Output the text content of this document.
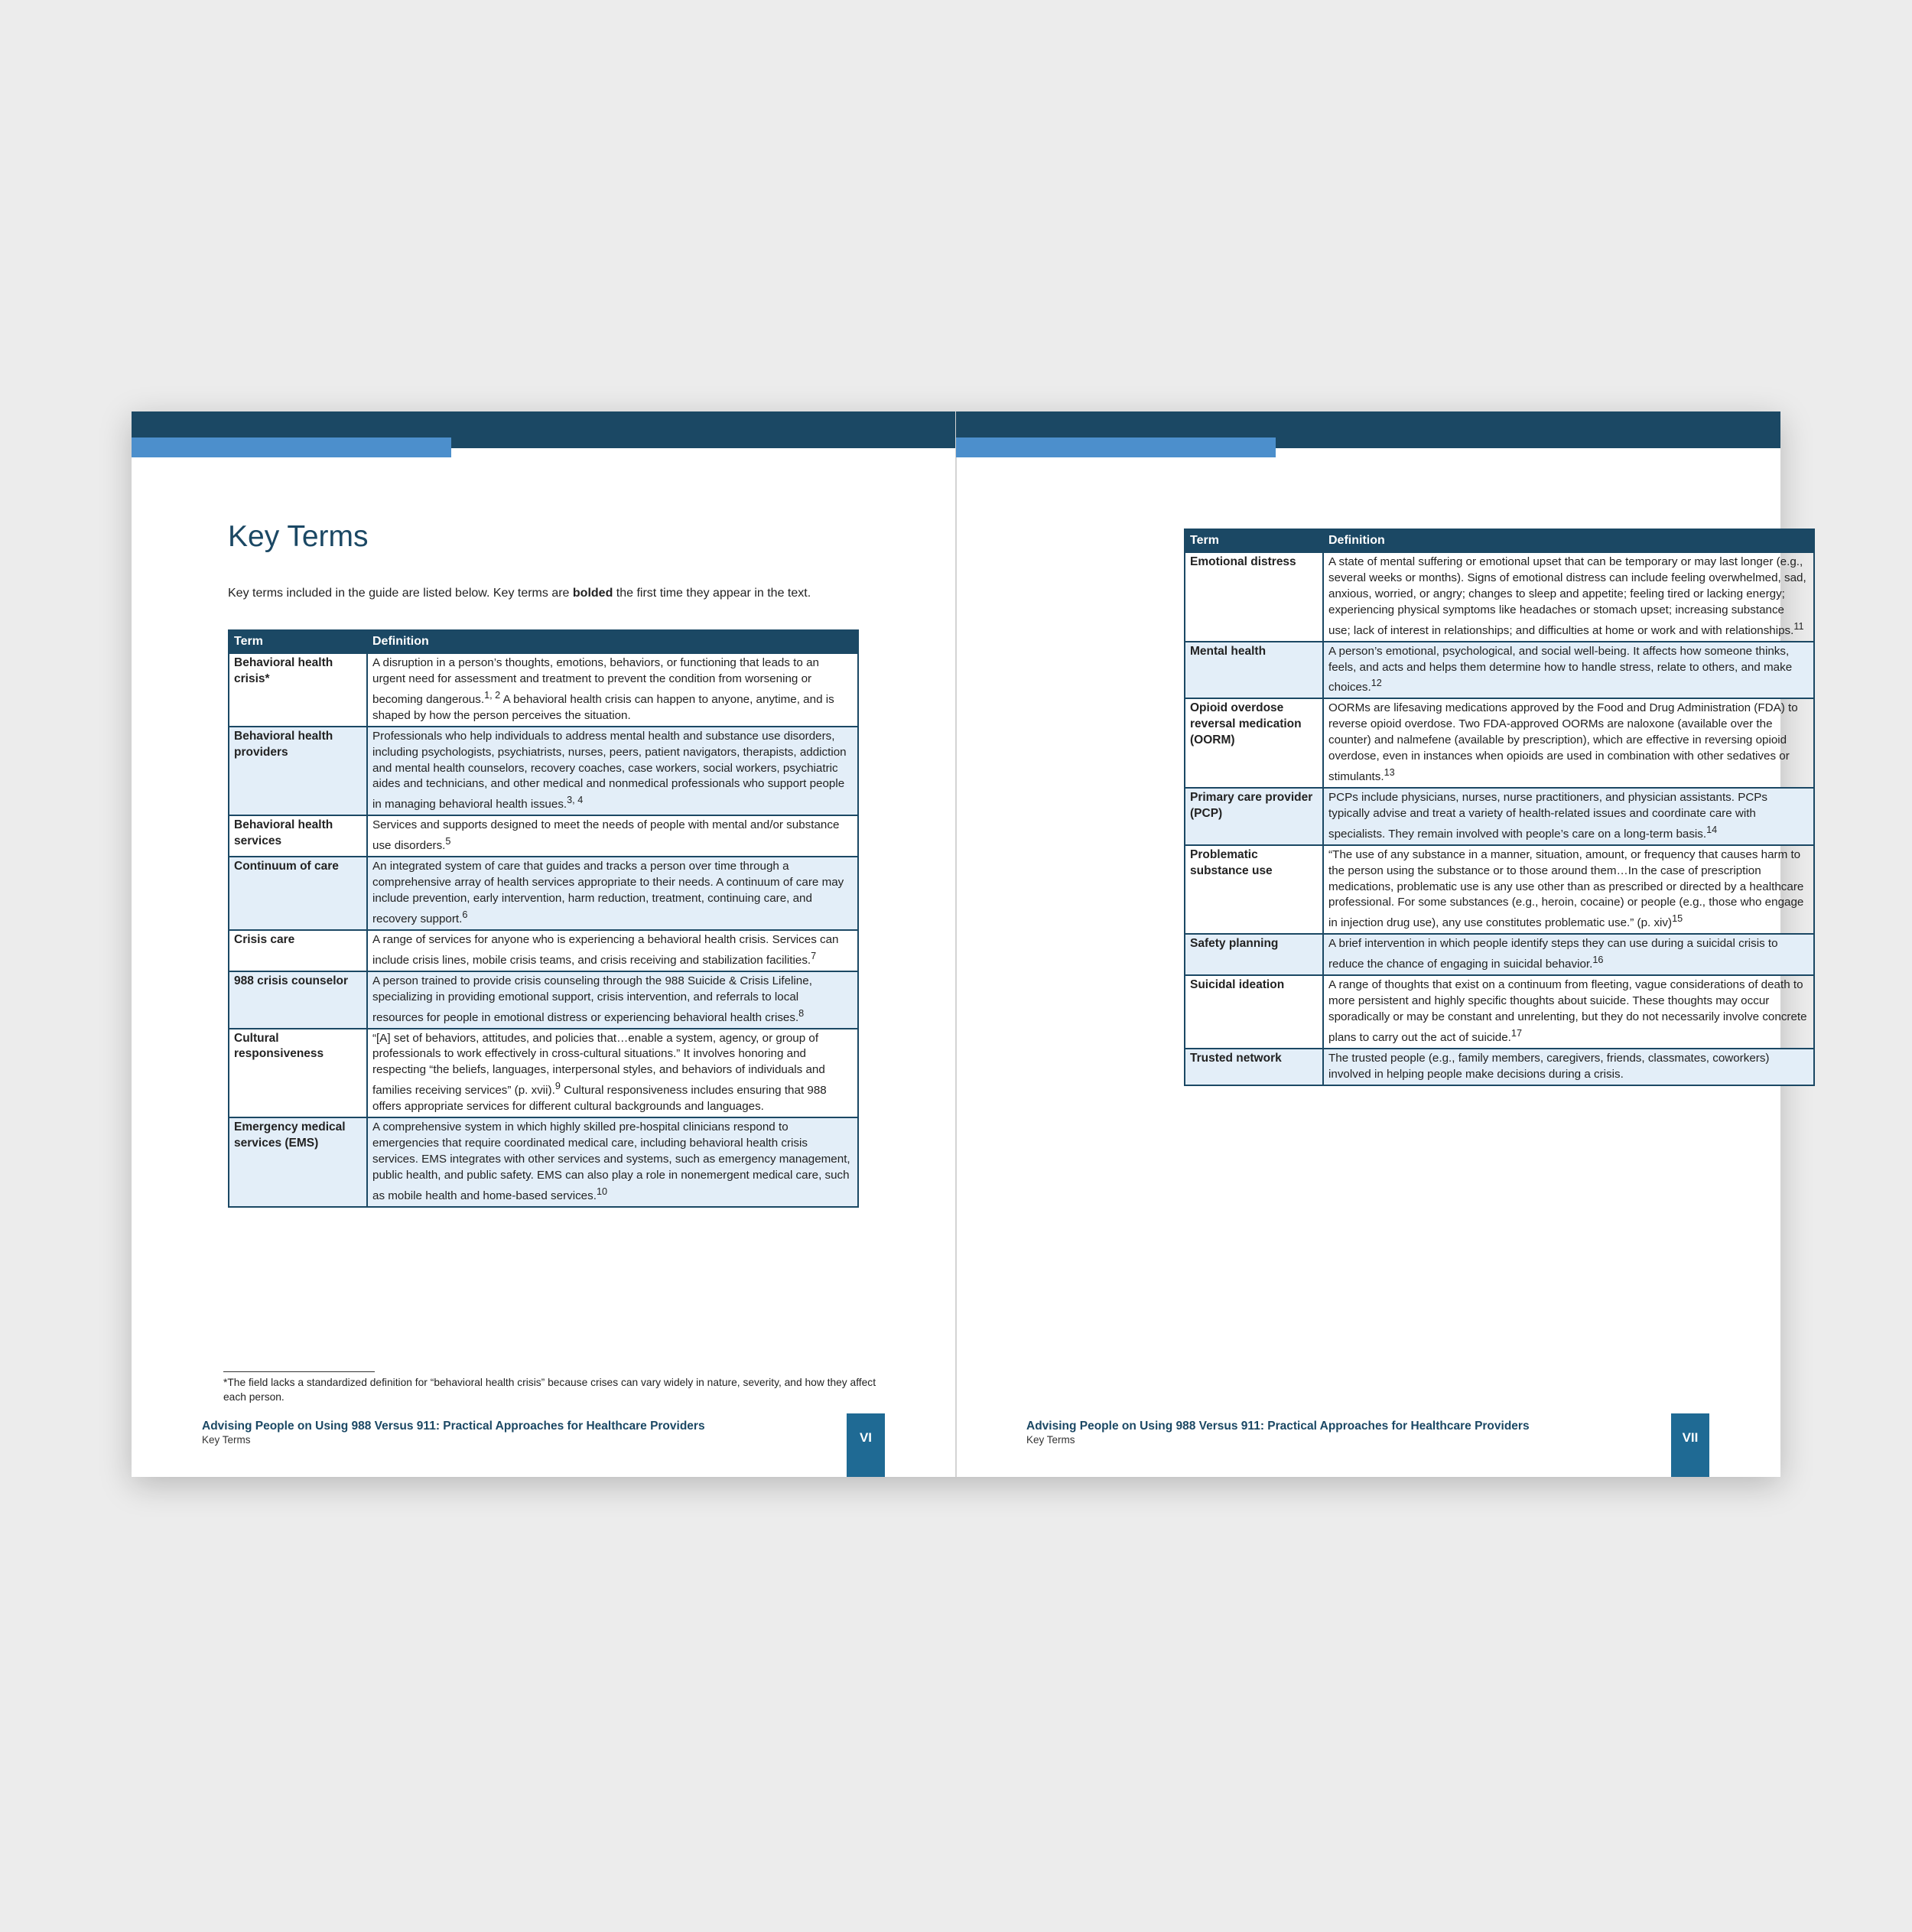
Key Terms

Key terms included in the guide are listed below. Key terms are bolded the first time they appear in the text.

Term	Definition
Behavioral health crisis*	A disruption in a person’s thoughts, emotions, behaviors, or functioning that leads to an urgent need for assessment and treatment to prevent the condition from worsening or becoming dangerous.$^{1, 2}$ A behavioral health crisis can happen to anyone, anytime, and is shaped by how the person perceives the situation.
Behavioral health providers	Professionals who help individuals to address mental health and substance use disorders, including psychologists, psychiatrists, nurses, peers, patient navigators, therapists, addiction and mental health counselors, recovery coaches, case workers, social workers, psychiatric aides and technicians, and other medical and nonmedical professionals who support people in managing behavioral health issues.$^{3, 4}$
Behavioral health services	Services and supports designed to meet the needs of people with mental and/or substance use disorders.$^5$
Continuum of care	An integrated system of care that guides and tracks a person over time through a comprehensive array of health services appropriate to their needs. A continuum of care may include prevention, early intervention, harm reduction, treatment, continuing care, and recovery support.$^6$
Crisis care	A range of services for anyone who is experiencing a behavioral health crisis. Services can include crisis lines, mobile crisis teams, and crisis receiving and stabilization facilities.$^7$
988 crisis counselor	A person trained to provide crisis counseling through the 988 Suicide & Crisis Lifeline, specializing in providing emotional support, crisis intervention, and referrals to local resources for people in emotional distress or experiencing behavioral health crises.$^8$
Cultural responsiveness	“[A] set of behaviors, attitudes, and policies that…enable a system, agency, or group of professionals to work effectively in cross-cultural situations.” It involves honoring and respecting “the beliefs, languages, interpersonal styles, and behaviors of individuals and families receiving services” (p. xvii).$^9$ Cultural responsiveness includes ensuring that 988 offers appropriate services for different cultural backgrounds and languages.
Emergency medical services (EMS)	A comprehensive system in which highly skilled pre-hospital clinicians respond to emergencies that require coordinated medical care, including behavioral health crisis services. EMS integrates with other services and systems, such as emergency management, public health, and public safety. EMS can also play a role in nonemergent medical care, such as mobile health and home-based services.$^{10}$

*The field lacks a standardized definition for “behavioral health crisis” because crises can vary widely in nature, severity, and how they affect each person.

Advising People on Using 988 Versus 911: Practical Approaches for Healthcare Providers

Key Terms	VI
Term	Definition
Emotional distress	A state of mental suffering or emotional upset that can be temporary or may last longer (e.g., several weeks or months). Signs of emotional distress can include feeling overwhelmed, sad, anxious, worried, or angry; changes to sleep and appetite; feeling tired or lacking energy; experiencing physical symptoms like headaches or stomach upset; increasing substance use; lack of interest in relationships; and difficulties at home or work and with relationships.$^{11}$
Mental health	A person’s emotional, psychological, and social well-being. It affects how someone thinks, feels, and acts and helps them determine how to handle stress, relate to others, and make choices.$^{12}$
Opioid overdose reversal medication (OORM)	OORMs are lifesaving medications approved by the Food and Drug Administration (FDA) to reverse opioid overdose. Two FDA-approved OORMs are naloxone (available over the counter) and nalmefene (available by prescription), which are effective in reversing opioid overdose, even in instances when opioids are used in combination with other sedatives or stimulants.$^{13}$
Primary care provider (PCP)	PCPs include physicians, nurses, nurse practitioners, and physician assistants. PCPs typically advise and treat a variety of health-related issues and coordinate care with specialists. They remain involved with people’s care on a long-term basis.$^{14}$
Problematic substance use	“The use of any substance in a manner, situation, amount, or frequency that causes harm to the person using the substance or to those around them…In the case of prescription medications, problematic use is any use other than as prescribed or directed by a healthcare professional. For some substances (e.g., heroin, cocaine) or people (e.g., those who engage in injection drug use), any use constitutes problematic use.” (p. xiv)$^{15}$
Safety planning	A brief intervention in which people identify steps they can use during a suicidal crisis to reduce the chance of engaging in suicidal behavior.$^{16}$
Suicidal ideation	A range of thoughts that exist on a continuum from fleeting, vague considerations of death to more persistent and highly specific thoughts about suicide. These thoughts may occur sporadically or may be constant and unrelenting, but they do not necessarily involve concrete plans to carry out the act of suicide.$^{17}$
Trusted network	The trusted people (e.g., family members, caregivers, friends, classmates, coworkers) involved in helping people make decisions during a crisis.

Advising People on Using 988 Versus 911: Practical Approaches for Healthcare Providers

Key Terms	VII
